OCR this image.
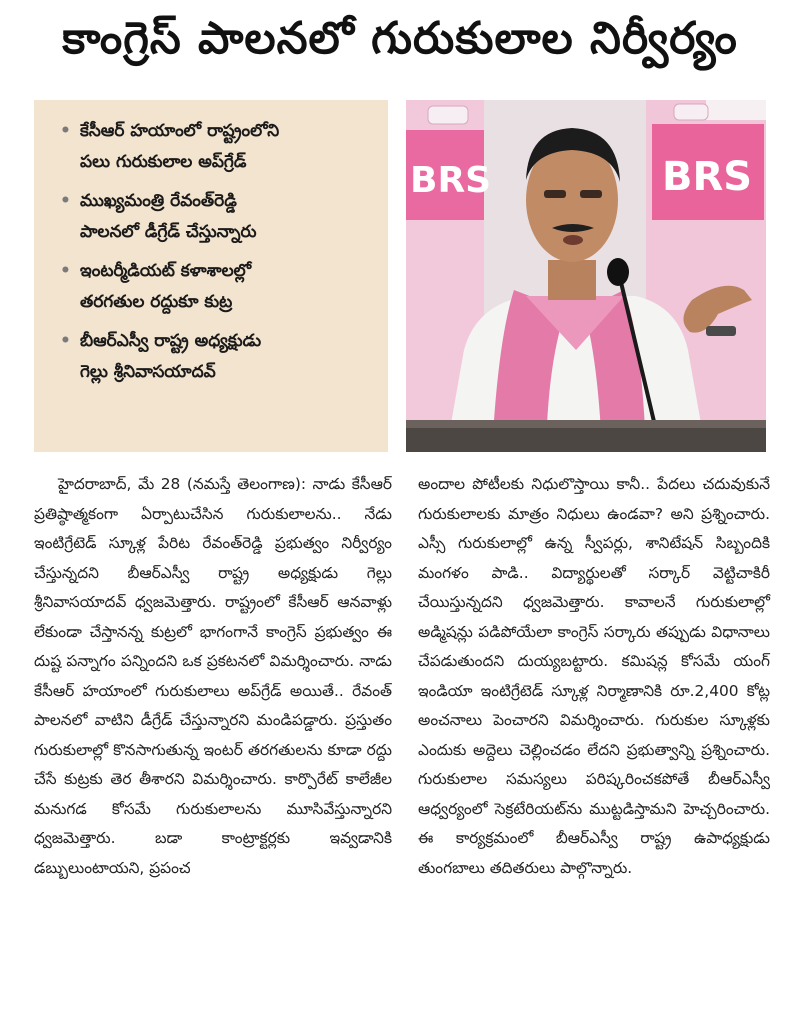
కాంగ్రెస్ పాలనలో గురుకులాల నిర్వీర్యం
• కేసీఆర్ హయాంలో రాష్ట్రంలోని
పలు గురుకులాల అప్‌గ్రేడ్
• ముఖ్యమంత్రి రేవంత్‌రెడ్డి
పాలనలో డీగ్రేడ్ చేస్తున్నారు
• ఇంటర్మీడియట్ కళాశాలల్లో
తరగతుల రద్దుకూ కుట్ర
• బీఆర్‌ఎస్వీ రాష్ట్ర అధ్యక్షుడు
గెల్లు శ్రీనివాసయాదవ్
BRS	BRS

హైదరాబాద్, మే 28 (నమస్తే తెలంగాణ): నాడు కేసీఆర్ ప్రతిష్ఠాత్మకంగా ఏర్పాటుచేసిన గురుకులాలను.. నేడు ఇంటిగ్రేటెడ్ స్కూళ్ల పేరిట రేవంత్‌రెడ్డి ప్రభుత్వం నిర్వీర్యం చేస్తున్నదని బీఆర్‌ఎస్వీ రాష్ట్ర అధ్యక్షుడు గెల్లు శ్రీనివాసయాదవ్ ధ్వజమెత్తారు. రాష్ట్రంలో కేసీఆర్ ఆనవాళ్లు లేకుండా చేస్తానన్న కుట్రలో భాగంగానే కాంగ్రెస్ ప్రభుత్వం ఈ దుష్ట పన్నాగం పన్నిందని ఒక ప్రకటనలో విమర్శించారు. నాడు కేసీఆర్ హయాంలో గురుకులాలు అప్‌గ్రేడ్ అయితే.. రేవంత్ పాలనలో వాటిని డీగ్రేడ్ చేస్తున్నారని మండిపడ్డారు. ప్రస్తుతం గురుకులాల్లో కొనసాగుతున్న ఇంటర్ తరగతులను కూడా రద్దు చేసే కుట్రకు తెర తీశారని విమర్శించారు. కార్పొరేట్ కాలేజీల మనుగడ కోసమే గురుకులాలను మూసివేస్తున్నారని ధ్వజమెత్తారు. బడా కాంట్రాక్టర్లకు ఇవ్వడానికి డబ్బులుంటాయని, ప్రపంచ

అందాల పోటీలకు నిధులొస్తాయి కానీ.. పేదలు చదువుకునే గురుకులాలకు మాత్రం నిధులు ఉండవా? అని ప్రశ్నించారు. ఎస్సీ గురుకులాల్లో ఉన్న స్వీపర్లు, శానిటేషన్ సిబ్బందికి మంగళం పాడి.. విద్యార్థులతో సర్కార్ వెట్టిచాకిరీ చేయిస్తున్నదని ధ్వజమెత్తారు. కావాలనే గురుకులాల్లో అడ్మిషన్లు పడిపోయేలా కాంగ్రెస్ సర్కారు తప్పుడు విధానాలు చేపడుతుందని దుయ్యబట్టారు. కమిషన్ల కోసమే యంగ్ ఇండియా ఇంటిగ్రేటెడ్ స్కూళ్ల నిర్మాణానికి రూ.2,400 కోట్ల అంచనాలు పెంచారని విమర్శించారు. గురుకుల స్కూళ్లకు ఎందుకు అద్దెలు చెల్లించడం లేదని ప్రభుత్వాన్ని ప్రశ్నించారు. గురుకులాల సమస్యలు పరిష్కరించకపోతే బీఆర్‌ఎస్వీ ఆధ్వర్యంలో సెక్రటేరియట్‌ను ముట్టడిస్తామని హెచ్చరించారు. ఈ కార్యక్రమంలో బీఆర్‌ఎస్వీ రాష్ట్ర ఉపాధ్యక్షుడు తుంగబాలు తదితరులు పాల్గొన్నారు.
